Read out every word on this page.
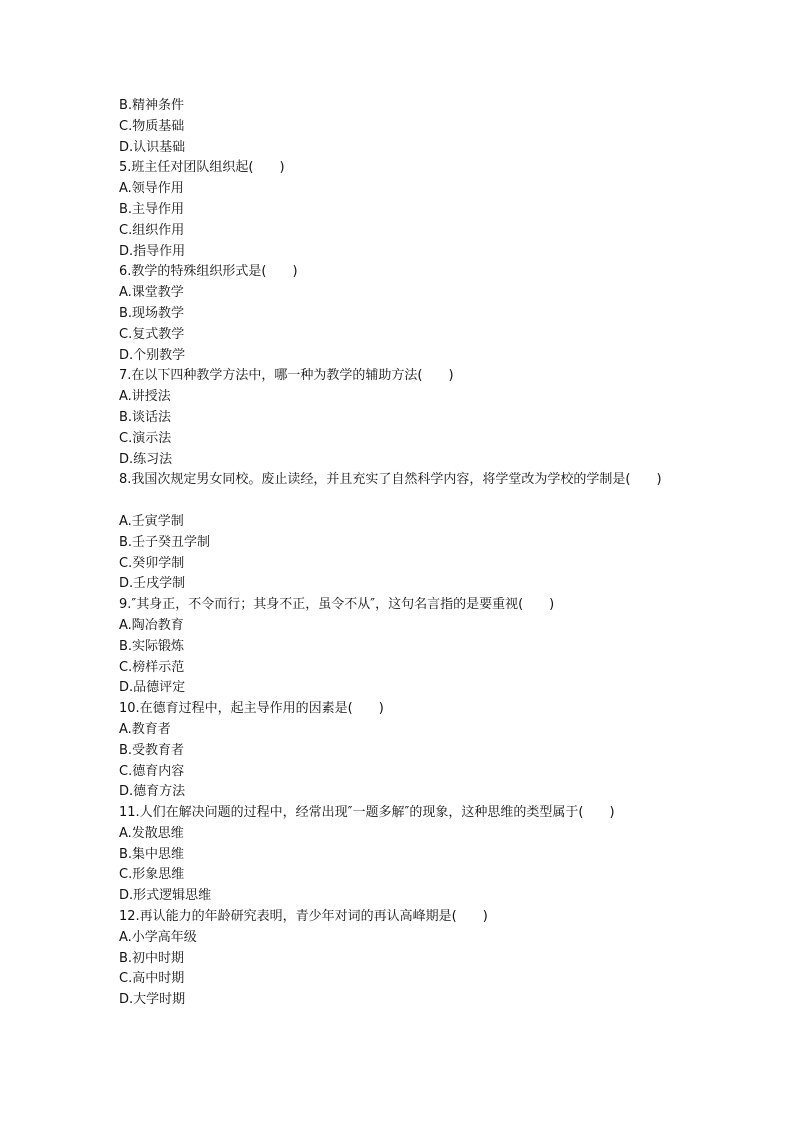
B.精神条件

C.物质基础

D.认识基础

5.班主任对团队组织起(　　)

A.领导作用

B.主导作用

C.组织作用

D.指导作用

6.教学的特殊组织形式是(　　)

A.课堂教学

B.现场教学

C.复式教学

D.个别教学

7.在以下四种教学方法中，哪一种为教学的辅助方法(　　)

A.讲授法

B.谈话法

C.演示法

D.练习法

8.我国次规定男女同校。废止读经，并且充实了自然科学内容，将学堂改为学校的学制是(　　)

A.壬寅学制

B.壬子癸丑学制

C.癸卯学制

D.壬戌学制

9.″其身正，不令而行；其身不正，虽令不从″，这句名言指的是要重视(　　)

A.陶冶教育

B.实际锻炼

C.榜样示范

D.品德评定

10.在德育过程中，起主导作用的因素是(　　)

A.教育者

B.受教育者

C.德育内容

D.德育方法

11.人们在解决问题的过程中，经常出现″一题多解″的现象，这种思维的类型属于(　　)

A.发散思维

B.集中思维

C.形象思维

D.形式逻辑思维

12.再认能力的年龄研究表明，青少年对词的再认高峰期是(　　)

A.小学高年级

B.初中时期

C.高中时期

D.大学时期
